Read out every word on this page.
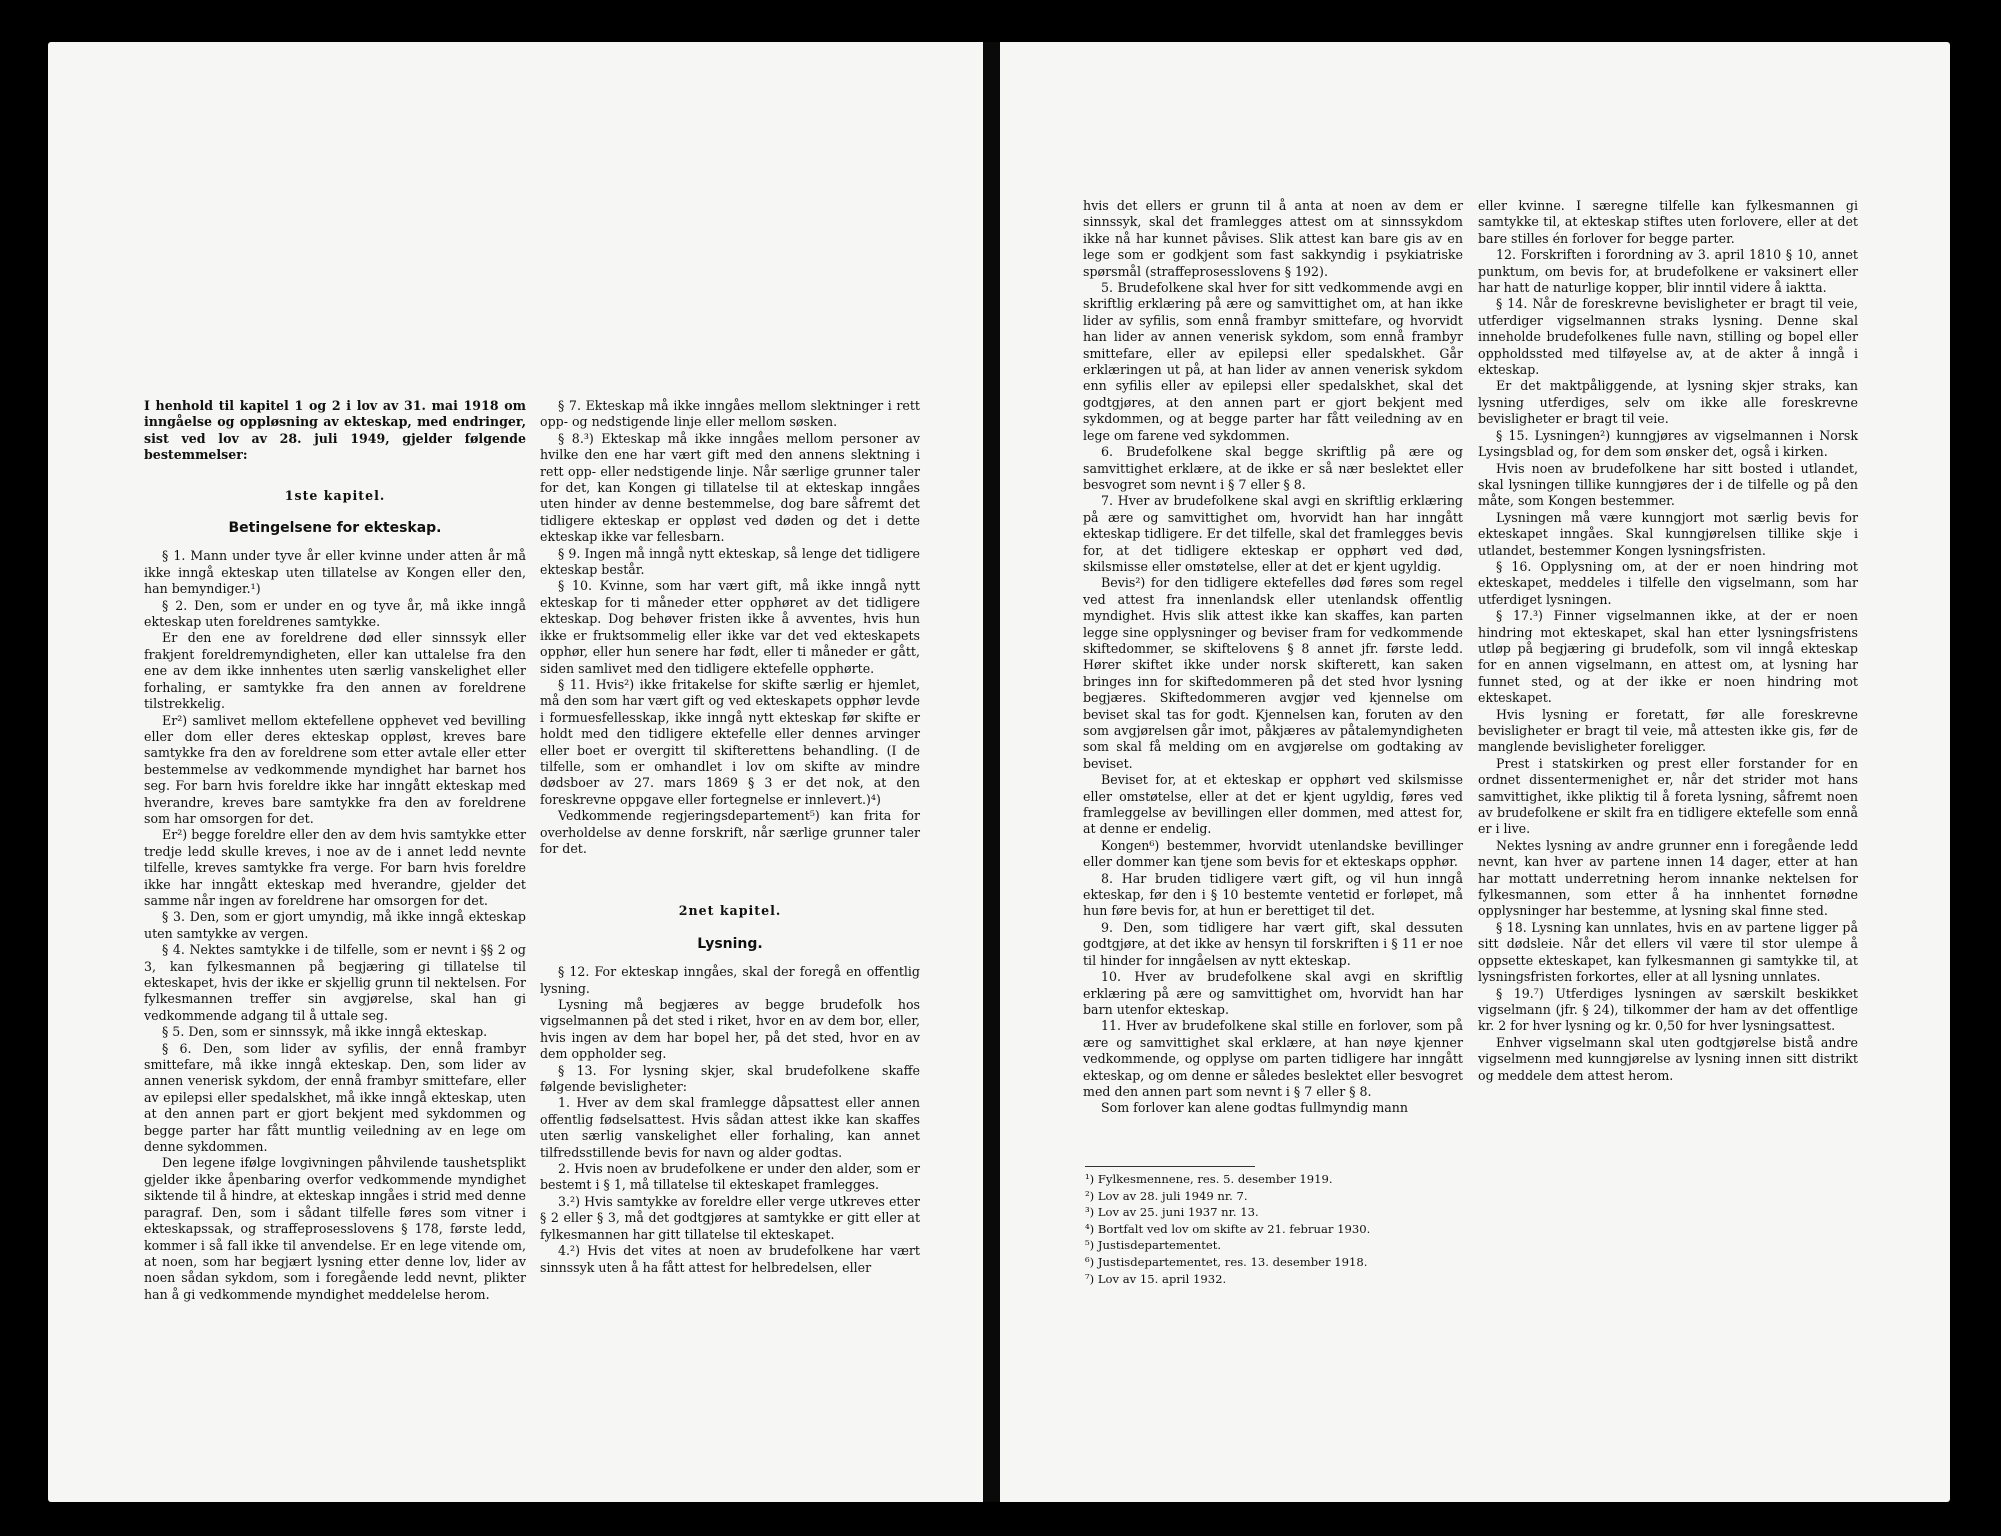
I henhold til kapitel 1 og 2 i lov av 31. mai 1918 om inngåelse og oppløsning av ekteskap, med endringer, sist ved lov av 28. juli 1949, gjelder følgende bestemmelser:

1ste kapitel.
Betingelsene for ekteskap.

§ 1. Mann under tyve år eller kvinne under atten år må ikke inngå ekteskap uten tillatelse av Kongen eller den, han bemyndiger.¹)

§ 2. Den, som er under en og tyve år, må ikke inngå ekteskap uten foreldrenes samtykke.

Er den ene av foreldrene død eller sinnssyk eller frakjent foreldremyndigheten, eller kan uttalelse fra den ene av dem ikke innhentes uten særlig vanskelighet eller forhaling, er samtykke fra den annen av foreldrene tilstrekkelig.

Er²) samlivet mellom ektefellene opphevet ved bevilling eller dom eller deres ekteskap oppløst, kreves bare samtykke fra den av foreldrene som etter avtale eller etter bestemmelse av vedkommende myndighet har barnet hos seg. For barn hvis foreldre ikke har inngått ekteskap med hverandre, kreves bare samtykke fra den av foreldrene som har omsorgen for det.

Er²) begge foreldre eller den av dem hvis samtykke etter tredje ledd skulle kreves, i noe av de i annet ledd nevnte tilfelle, kreves samtykke fra verge. For barn hvis foreldre ikke har inngått ekteskap med hverandre, gjelder det samme når ingen av foreldrene har omsorgen for det.

§ 3. Den, som er gjort umyndig, må ikke inngå ekteskap uten samtykke av vergen.

§ 4. Nektes samtykke i de tilfelle, som er nevnt i §§ 2 og 3, kan fylkesmannen på begjæring gi tillatelse til ekteskapet, hvis der ikke er skjellig grunn til nektelsen. For fylkesmannen treffer sin avgjørelse, skal han gi vedkommende adgang til å uttale seg.

§ 5. Den, som er sinnssyk, må ikke inngå ekteskap.

§ 6. Den, som lider av syfilis, der ennå frambyr smittefare, må ikke inngå ekteskap. Den, som lider av annen venerisk sykdom, der ennå frambyr smittefare, eller av epilepsi eller spedalskhet, må ikke inngå ekteskap, uten at den annen part er gjort bekjent med sykdommen og begge parter har fått muntlig veiledning av en lege om denne sykdommen.

Den legene ifølge lovgivningen påhvilende taushetsplikt gjelder ikke åpenbaring overfor vedkommende myndighet siktende til å hindre, at ekteskap inngåes i strid med denne paragraf. Den, som i sådant tilfelle føres som vitner i ekteskapssak, og straffeprosesslovens § 178, første ledd, kommer i så fall ikke til anvendelse. Er en lege vitende om, at noen, som har begjært lysning etter denne lov, lider av noen sådan sykdom, som i foregående ledd nevnt, plikter han å gi vedkommende myndighet meddelelse herom.

§ 7. Ekteskap må ikke inngåes mellom slektninger i rett opp- og nedstigende linje eller mellom søsken.

§ 8.³) Ekteskap må ikke inngåes mellom personer av hvilke den ene har vært gift med den annens slektning i rett opp- eller nedstigende linje. Når særlige grunner taler for det, kan Kongen gi tillatelse til at ekteskap inngåes uten hinder av denne bestemmelse, dog bare såfremt det tidligere ekteskap er oppløst ved døden og det i dette ekteskap ikke var fellesbarn.

§ 9. Ingen må inngå nytt ekteskap, så lenge det tidligere ekteskap består.

§ 10. Kvinne, som har vært gift, må ikke inngå nytt ekteskap for ti måneder etter opphøret av det tidligere ekteskap. Dog behøver fristen ikke å avventes, hvis hun ikke er fruktsommelig eller ikke var det ved ekteskapets opphør, eller hun senere har født, eller ti måneder er gått, siden samlivet med den tidligere ektefelle opphørte.

§ 11. Hvis²) ikke fritakelse for skifte særlig er hjemlet, må den som har vært gift og ved ekteskapets opphør levde i formuesfellesskap, ikke inngå nytt ekteskap før skifte er holdt med den tidligere ektefelle eller dennes arvinger eller boet er overgitt til skifterettens behandling. (I de tilfelle, som er omhandlet i lov om skifte av mindre dødsboer av 27. mars 1869 § 3 er det nok, at den foreskrevne oppgave eller fortegnelse er innlevert.)⁴)

Vedkommende regjeringsdepartement⁵) kan frita for overholdelse av denne forskrift, når særlige grunner taler for det.

2net kapitel.
Lysning.

§ 12. For ekteskap inngåes, skal der foregå en offentlig lysning.

Lysning må begjæres av begge brudefolk hos vigselmannen på det sted i riket, hvor en av dem bor, eller, hvis ingen av dem har bopel her, på det sted, hvor en av dem oppholder seg.

§ 13. For lysning skjer, skal brudefolkene skaffe følgende bevisligheter:

1. Hver av dem skal framlegge dåpsattest eller annen offentlig fødselsattest. Hvis sådan attest ikke kan skaffes uten særlig vanskelighet eller forhaling, kan annet tilfredsstillende bevis for navn og alder godtas.

2. Hvis noen av brudefolkene er under den alder, som er bestemt i § 1, må tillatelse til ekteskapet framlegges.

3.²) Hvis samtykke av foreldre eller verge utkreves etter § 2 eller § 3, må det godtgjøres at samtykke er gitt eller at fylkesmannen har gitt tillatelse til ekteskapet.

4.²) Hvis det vites at noen av brudefolkene har vært sinnssyk uten å ha fått attest for helbredelsen, eller

hvis det ellers er grunn til å anta at noen av dem er sinnssyk, skal det framlegges attest om at sinnssykdom ikke nå har kunnet påvises. Slik attest kan bare gis av en lege som er godkjent som fast sakkyndig i psykiatriske spørsmål (straffeprosesslovens § 192).

5. Brudefolkene skal hver for sitt vedkommende avgi en skriftlig erklæring på ære og samvittighet om, at han ikke lider av syfilis, som ennå frambyr smittefare, og hvorvidt han lider av annen venerisk sykdom, som ennå frambyr smittefare, eller av epilepsi eller spedalskhet. Går erklæringen ut på, at han lider av annen venerisk sykdom enn syfilis eller av epilepsi eller spedalskhet, skal det godtgjøres, at den annen part er gjort bekjent med sykdommen, og at begge parter har fått veiledning av en lege om farene ved sykdommen.

6. Brudefolkene skal begge skriftlig på ære og samvittighet erklære, at de ikke er så nær beslektet eller besvogret som nevnt i § 7 eller § 8.

7. Hver av brudefolkene skal avgi en skriftlig erklæring på ære og samvittighet om, hvorvidt han har inngått ekteskap tidligere. Er det tilfelle, skal det framlegges bevis for, at det tidligere ekteskap er opphørt ved død, skilsmisse eller omstøtelse, eller at det er kjent ugyldig.

Bevis²) for den tidligere ektefelles død føres som regel ved attest fra innenlandsk eller utenlandsk offentlig myndighet. Hvis slik attest ikke kan skaffes, kan parten legge sine opplysninger og beviser fram for vedkommende skiftedommer, se skiftelovens § 8 annet jfr. første ledd. Hører skiftet ikke under norsk skifterett, kan saken bringes inn for skiftedommeren på det sted hvor lysning begjæres. Skiftedommeren avgjør ved kjennelse om beviset skal tas for godt. Kjennelsen kan, foruten av den som avgjørelsen går imot, påkjæres av påtalemyndigheten som skal få melding om en avgjørelse om godtaking av beviset.

Beviset for, at et ekteskap er opphørt ved skilsmisse eller omstøtelse, eller at det er kjent ugyldig, føres ved framleggelse av bevillingen eller dommen, med attest for, at denne er endelig.

Kongen⁶) bestemmer, hvorvidt utenlandske bevillinger eller dommer kan tjene som bevis for et ekteskaps opphør.

8. Har bruden tidligere vært gift, og vil hun inngå ekteskap, før den i § 10 bestemte ventetid er forløpet, må hun føre bevis for, at hun er berettiget til det.

9. Den, som tidligere har vært gift, skal dessuten godtgjøre, at det ikke av hensyn til forskriften i § 11 er noe til hinder for inngåelsen av nytt ekteskap.

10. Hver av brudefolkene skal avgi en skriftlig erklæring på ære og samvittighet om, hvorvidt han har barn utenfor ekteskap.

11. Hver av brudefolkene skal stille en forlover, som på ære og samvittighet skal erklære, at han nøye kjenner vedkommende, og opplyse om parten tidligere har inngått ekteskap, og om denne er således beslektet eller besvogret med den annen part som nevnt i § 7 eller § 8.

Som forlover kan alene godtas fullmyndig mann

eller kvinne. I særegne tilfelle kan fylkesmannen gi samtykke til, at ekteskap stiftes uten forlovere, eller at det bare stilles én forlover for begge parter.

12. Forskriften i forordning av 3. april 1810 § 10, annet punktum, om bevis for, at brudefolkene er vaksinert eller har hatt de naturlige kopper, blir inntil videre å iaktta.

§ 14. Når de foreskrevne bevisligheter er bragt til veie, utferdiger vigselmannen straks lysning. Denne skal inneholde brudefolkenes fulle navn, stilling og bopel eller oppholdssted med tilføyelse av, at de akter å inngå i ekteskap.

Er det maktpåliggende, at lysning skjer straks, kan lysning utferdiges, selv om ikke alle foreskrevne bevisligheter er bragt til veie.

§ 15. Lysningen²) kunngjøres av vigselmannen i Norsk Lysingsblad og, for dem som ønsker det, også i kirken.

Hvis noen av brudefolkene har sitt bosted i utlandet, skal lysningen tillike kunngjøres der i de tilfelle og på den måte, som Kongen bestemmer.

Lysningen må være kunngjort mot særlig bevis for ekteskapet inngåes. Skal kunngjørelsen tillike skje i utlandet, bestemmer Kongen lysningsfristen.

§ 16. Opplysning om, at der er noen hindring mot ekteskapet, meddeles i tilfelle den vigselmann, som har utferdiget lysningen.

§ 17.³) Finner vigselmannen ikke, at der er noen hindring mot ekteskapet, skal han etter lysningsfristens utløp på begjæring gi brudefolk, som vil inngå ekteskap for en annen vigselmann, en attest om, at lysning har funnet sted, og at der ikke er noen hindring mot ekteskapet.

Hvis lysning er foretatt, før alle foreskrevne bevisligheter er bragt til veie, må attesten ikke gis, før de manglende bevisligheter foreligger.

Prest i statskirken og prest eller forstander for en ordnet dissentermenighet er, når det strider mot hans samvittighet, ikke pliktig til å foreta lysning, såfremt noen av brudefolkene er skilt fra en tidligere ektefelle som ennå er i live.

Nektes lysning av andre grunner enn i foregående ledd nevnt, kan hver av partene innen 14 dager, etter at han har mottatt underretning herom innanke nektelsen for fylkesmannen, som etter å ha innhentet fornødne opplysninger har bestemme, at lysning skal finne sted.

§ 18. Lysning kan unnlates, hvis en av partene ligger på sitt dødsleie. Når det ellers vil være til stor ulempe å oppsette ekteskapet, kan fylkesmannen gi samtykke til, at lysningsfristen forkortes, eller at all lysning unnlates.

§ 19.⁷) Utferdiges lysningen av særskilt beskikket vigselmann (jfr. § 24), tilkommer der ham av det offentlige kr. 2 for hver lysning og kr. 0,50 for hver lysningsattest.

Enhver vigselmann skal uten godtgjørelse bistå andre vigselmenn med kunngjørelse av lysning innen sitt distrikt og meddele dem attest herom.

¹) Fylkesmennene, res. 5. desember 1919.
²) Lov av 28. juli 1949 nr. 7.
³) Lov av 25. juni 1937 nr. 13.
⁴) Bortfalt ved lov om skifte av 21. februar 1930.
⁵) Justisdepartementet.
⁶) Justisdepartementet, res. 13. desember 1918.
⁷) Lov av 15. april 1932.
